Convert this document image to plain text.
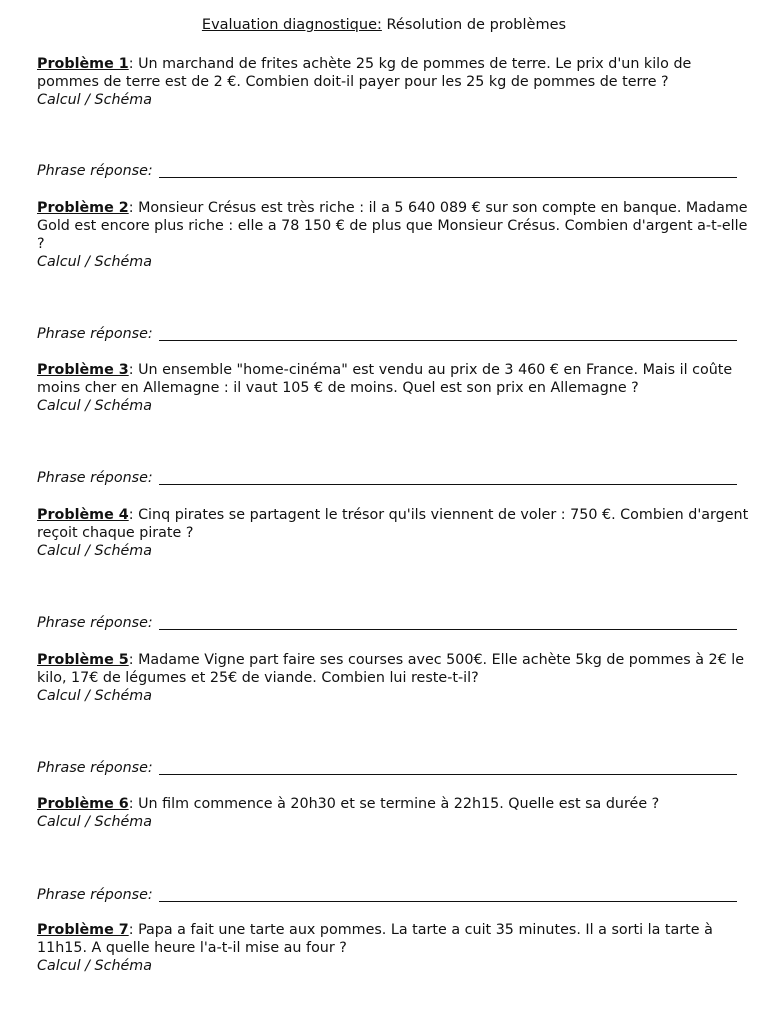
Evaluation diagnostique: Résolution de problèmes
Problème 1: Un marchand de frites achète 25 kg de pommes de terre. Le prix d'un kilo de pommes de terre est de 2 €. Combien doit-il payer pour les 25 kg de pommes de terre ?
Calcul / Schéma
Phrase réponse:
Problème 2: Monsieur Crésus est très riche : il a 5 640 089 € sur son compte en banque. Madame Gold est encore plus riche : elle a 78 150 € de plus que Monsieur Crésus. Combien d'argent a-t-elle ?
Calcul / Schéma
Phrase réponse:
Problème 3: Un ensemble "home-cinéma" est vendu au prix de 3 460 € en France. Mais il coûte moins cher en Allemagne : il vaut 105 € de moins. Quel est son prix en Allemagne ?
Calcul / Schéma
Phrase réponse:
Problème 4: Cinq pirates se partagent le trésor qu'ils viennent de voler : 750 €. Combien d'argent reçoit chaque pirate ?
Calcul / Schéma
Phrase réponse:
Problème 5: Madame Vigne part faire ses courses avec 500€. Elle achète 5kg de pommes à 2€ le kilo, 17€ de légumes et 25€ de viande. Combien lui reste-t-il?
Calcul / Schéma
Phrase réponse:
Problème 6: Un film commence à 20h30 et se termine à 22h15. Quelle est sa durée ?
Calcul / Schéma
Phrase réponse:
Problème 7: Papa a fait une tarte aux pommes. La tarte a cuit 35 minutes. Il a sorti la tarte à 11h15. A quelle heure l'a-t-il mise au four ?
Calcul / Schéma
